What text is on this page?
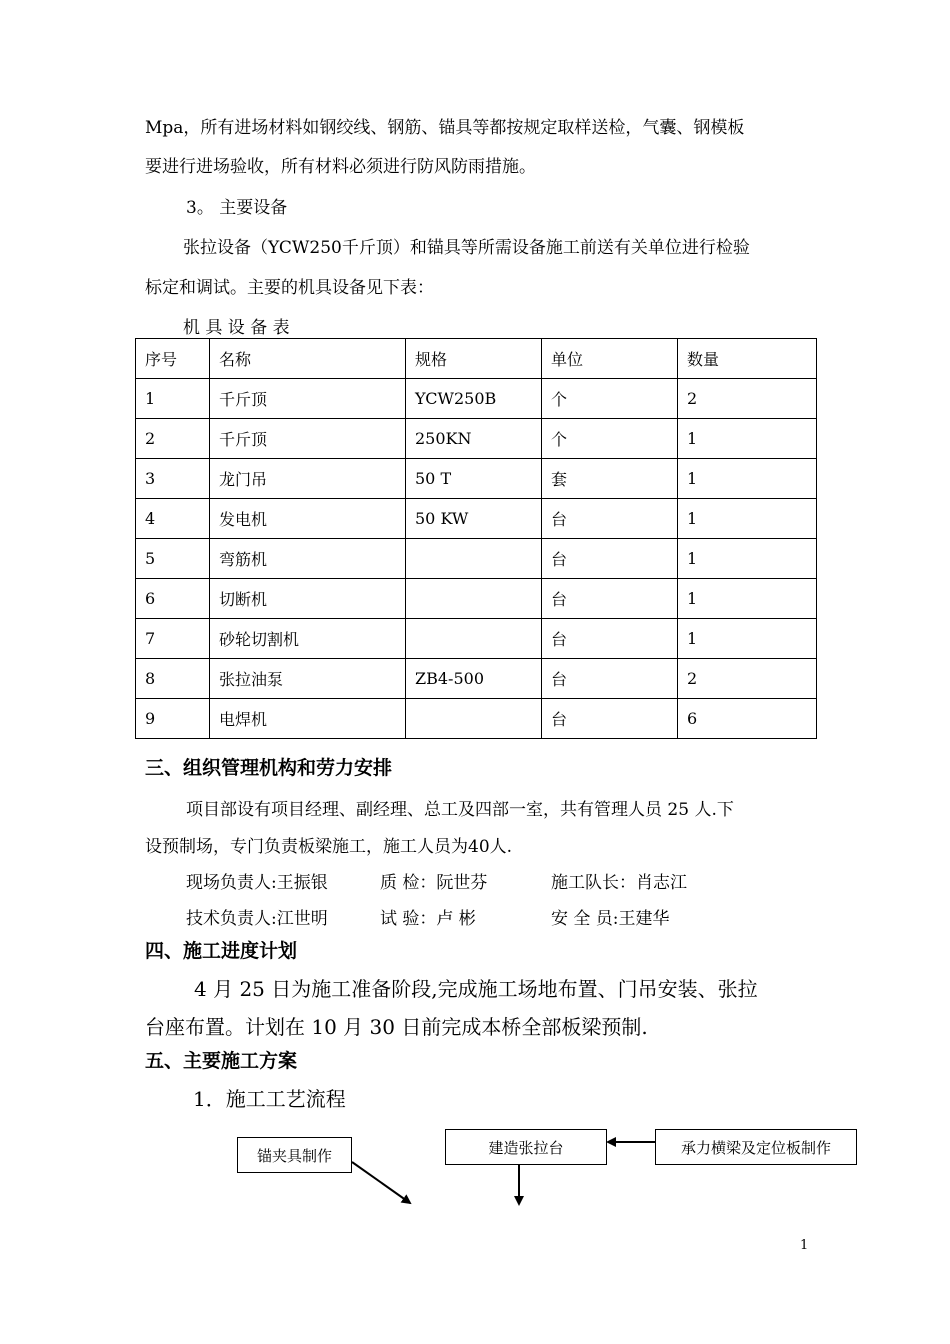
Mpa，所有进场材料如钢绞线、钢筋、锚具等都按规定取样送检，气囊、钢模板
要进行进场验收，所有材料必须进行防风防雨措施。
3。 主要设备
张拉设备（YCW250千斤顶）和锚具等所需设备施工前送有关单位进行检验
标定和调试。主要的机具设备见下表：
机 具 设 备 表
序号	名称	规格	单位	数量
1	千斤顶	YCW250B	个	2
2	千斤顶	250KN	个	1
3	龙门吊	50 T	套	1
4	发电机	50 KW	台	1
5	弯筋机		台	1
6	切断机		台	1
7	砂轮切割机		台	1
8	张拉油泵	ZB4-500	台	2
9	电焊机		台	6
三、组织管理机构和劳力安排
项目部设有项目经理、副经理、总工及四部一室，共有管理人员 25 人.下
设预制场，专门负责板梁施工，施工人员为40人.
现场负责人:王振银	质 检：阮世芬	施工队长：肖志江
技术负责人:江世明	试 验：卢 彬	安 全 员:王建华
四、施工进度计划
4 月 25 日为施工准备阶段,完成施工场地布置、门吊安装、张拉
台座布置。计划在 10 月 30 日前完成本桥全部板梁预制.
五、主要施工方案
1．施工工艺流程
锚夹具制作	建造张拉台	承力横梁及定位板制作
1
